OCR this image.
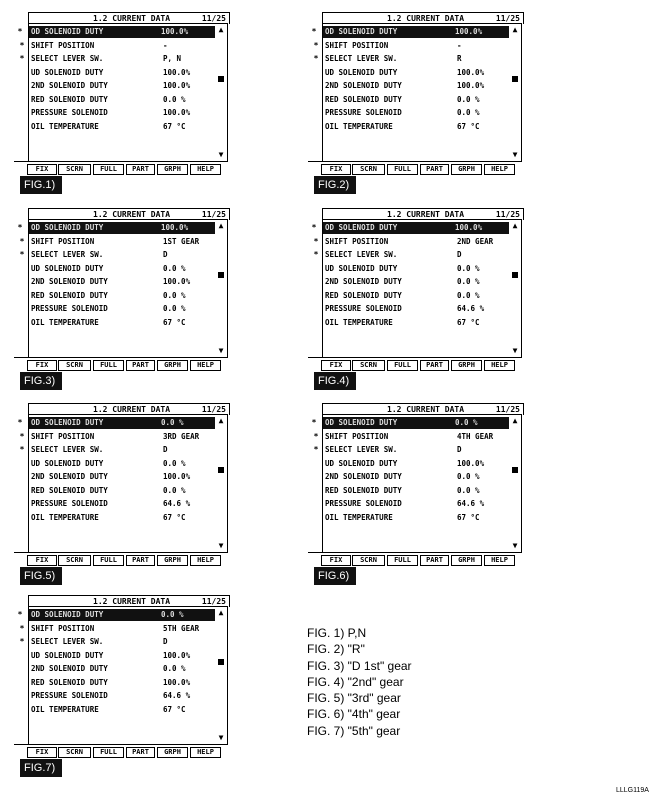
1.2 CURRENT DATA	11/25
* OD SOLENOID DUTY	100.0%
* SHIFT POSITION	-
* SELECT LEVER SW.	P, N
UD SOLENOID DUTY	100.0%
2ND SOLENOID DUTY	100.0%
RED SOLENOID DUTY	0.0 %
PRESSURE SOLENOID	100.0%
OIL TEMPERATURE	67 °C
▲
▼
FIX	SCRN	FULL	PART	GRPH	HELP
FIG.1)
1.2 CURRENT DATA	11/25
* OD SOLENOID DUTY	100.0%
* SHIFT POSITION	-
* SELECT LEVER SW.	R
UD SOLENOID DUTY	100.0%
2ND SOLENOID DUTY	100.0%
RED SOLENOID DUTY	0.0 %
PRESSURE SOLENOID	0.0 %
OIL TEMPERATURE	67 °C
▲
▼
FIX	SCRN	FULL	PART	GRPH	HELP
FIG.2)
1.2 CURRENT DATA	11/25
* OD SOLENOID DUTY	100.0%
* SHIFT POSITION	1ST GEAR
* SELECT LEVER SW.	D
UD SOLENOID DUTY	0.0 %
2ND SOLENOID DUTY	100.0%
RED SOLENOID DUTY	0.0 %
PRESSURE SOLENOID	0.0 %
OIL TEMPERATURE	67 °C
▲
▼
FIX	SCRN	FULL	PART	GRPH	HELP
FIG.3)
1.2 CURRENT DATA	11/25
* OD SOLENOID DUTY	100.0%
* SHIFT POSITION	2ND GEAR
* SELECT LEVER SW.	D
UD SOLENOID DUTY	0.0 %
2ND SOLENOID DUTY	0.0 %
RED SOLENOID DUTY	0.0 %
PRESSURE SOLENOID	64.6 %
OIL TEMPERATURE	67 °C
▲
▼
FIX	SCRN	FULL	PART	GRPH	HELP
FIG.4)
1.2 CURRENT DATA	11/25
* OD SOLENOID DUTY	0.0 %
* SHIFT POSITION	3RD GEAR
* SELECT LEVER SW.	D
UD SOLENOID DUTY	0.0 %
2ND SOLENOID DUTY	100.0%
RED SOLENOID DUTY	0.0 %
PRESSURE SOLENOID	64.6 %
OIL TEMPERATURE	67 °C
▲
▼
FIX	SCRN	FULL	PART	GRPH	HELP
FIG.5)
1.2 CURRENT DATA	11/25
* OD SOLENOID DUTY	0.0 %
* SHIFT POSITION	4TH GEAR
* SELECT LEVER SW.	D
UD SOLENOID DUTY	100.0%
2ND SOLENOID DUTY	0.0 %
RED SOLENOID DUTY	0.0 %
PRESSURE SOLENOID	64.6 %
OIL TEMPERATURE	67 °C
▲
▼
FIX	SCRN	FULL	PART	GRPH	HELP
FIG.6)
1.2 CURRENT DATA	11/25
* OD SOLENOID DUTY	0.0 %
* SHIFT POSITION	5TH GEAR
* SELECT LEVER SW.	D
UD SOLENOID DUTY	100.0%
2ND SOLENOID DUTY	0.0 %
RED SOLENOID DUTY	100.0%
PRESSURE SOLENOID	64.6 %
OIL TEMPERATURE	67 °C
▲
▼
FIX	SCRN	FULL	PART	GRPH	HELP
FIG.7)
FIG. 1) P,N
FIG. 2) "R"
FIG. 3) "D 1st" gear
FIG. 4) "2nd" gear
FIG. 5) "3rd" gear
FIG. 6) "4th" gear
FIG. 7) "5th" gear
LLLG119A
